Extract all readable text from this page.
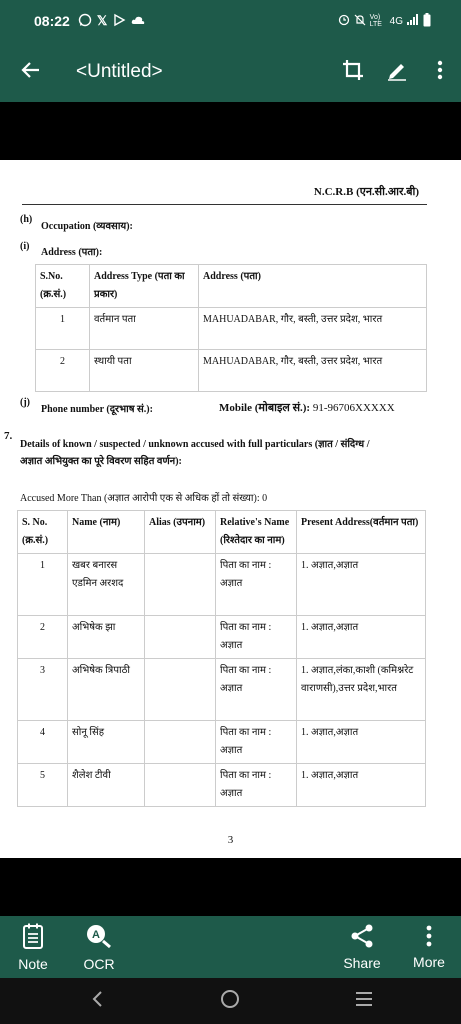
08:22 𝕏	Vo) LTE 4G
<Untitled>
N.C.R.B (एन.सी.आर.बी)
(h)
Occupation (व्यवसाय):
(i)
Address (पता):
S.No. (क्र.सं.)	Address Type (पता का प्रकार)	Address (पता)
1	वर्तमान पता	MAHUADABAR, गौर, बस्ती, उत्तर प्रदेश, भारत
2	स्थायी पता	MAHUADABAR, गौर, बस्ती, उत्तर प्रदेश, भारत
(j)
Phone number (दूरभाष सं.):	Mobile (मोबाइल सं.): 91-96706XXXXX
7.
Details of known / suspected / unknown accused with full particulars (ज्ञात / संदिग्ध / अज्ञात अभियुक्त का पूरे विवरण सहित वर्णन):
Accused More Than (अज्ञात आरोपी एक से अधिक हों तो संख्या): 0
S. No. (क्र.सं.)	Name (नाम)	Alias (उपनाम)	Relative's Name (रिश्तेदार का नाम)	Present Address(वर्तमान पता)
1	खबर बनारस एडमिन अरशद		पिता का नाम : अज्ञात	1. अज्ञात,अज्ञात
2	अभिषेक झा		पिता का नाम : अज्ञात	1. अज्ञात,अज्ञात
3	अभिषेक त्रिपाठी		पिता का नाम : अज्ञात	1. अज्ञात,लंका,काशी (कमिश्नरेट वाराणसी),उत्तर प्रदेश,भारत
4	सोनू सिंह		पिता का नाम : अज्ञात	1. अज्ञात,अज्ञात
5	शैलेश टीवी		पिता का नाम : अज्ञात	1. अज्ञात,अज्ञात
3
Note
A
OCR	Share More
